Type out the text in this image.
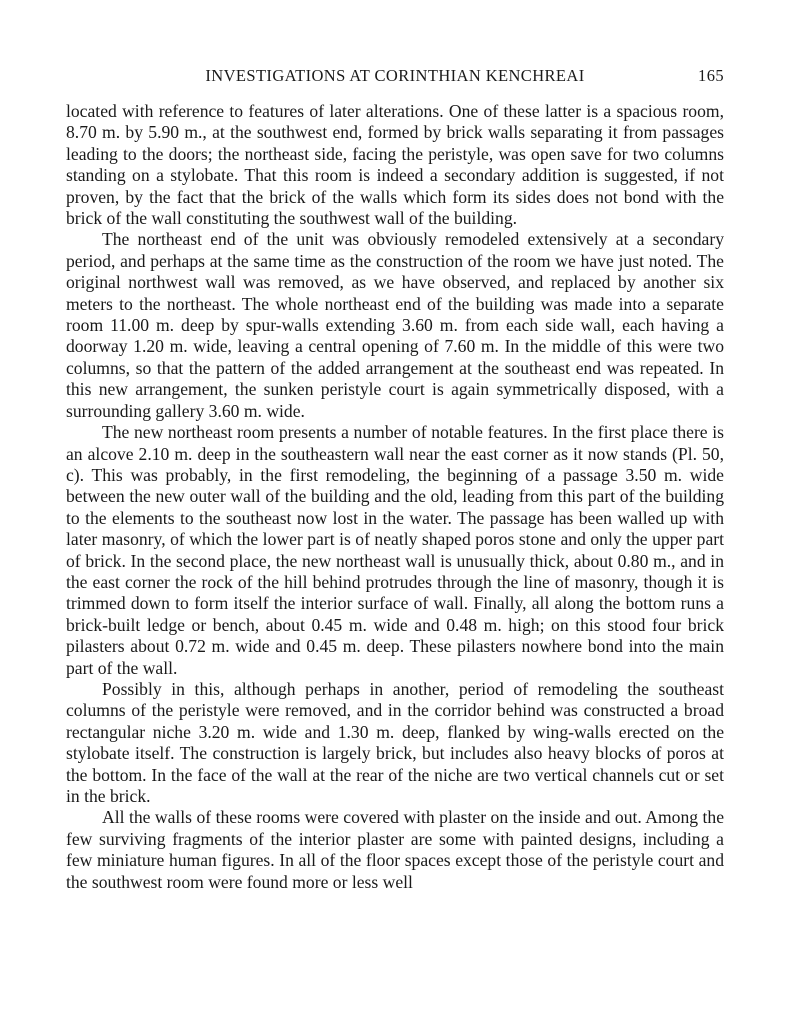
INVESTIGATIONS AT CORINTHIAN KENCHREAI	165

located with reference to features of later alterations. One of these latter is a spacious room, 8.70 m. by 5.90 m., at the southwest end, formed by brick walls separating it from passages leading to the doors; the northeast side, facing the peristyle, was open save for two columns standing on a stylobate. That this room is indeed a secondary addition is suggested, if not proven, by the fact that the brick of the walls which form its sides does not bond with the brick of the wall constituting the southwest wall of the building.

The northeast end of the unit was obviously remodeled extensively at a secondary period, and perhaps at the same time as the construction of the room we have just noted. The original northwest wall was removed, as we have observed, and replaced by another six meters to the northeast. The whole northeast end of the building was made into a separate room 11.00 m. deep by spur-walls extending 3.60 m. from each side wall, each having a doorway 1.20 m. wide, leaving a central opening of 7.60 m. In the middle of this were two columns, so that the pattern of the added arrangement at the southeast end was repeated. In this new arrangement, the sunken peristyle court is again symmetrically disposed, with a surrounding gallery 3.60 m. wide.

The new northeast room presents a number of notable features. In the first place there is an alcove 2.10 m. deep in the southeastern wall near the east corner as it now stands (Pl. 50, c). This was probably, in the first remodeling, the beginning of a passage 3.50 m. wide between the new outer wall of the building and the old, leading from this part of the building to the elements to the southeast now lost in the water. The passage has been walled up with later masonry, of which the lower part is of neatly shaped poros stone and only the upper part of brick. In the second place, the new northeast wall is unusually thick, about 0.80 m., and in the east corner the rock of the hill behind protrudes through the line of masonry, though it is trimmed down to form itself the interior surface of wall. Finally, all along the bottom runs a brick-built ledge or bench, about 0.45 m. wide and 0.48 m. high; on this stood four brick pilasters about 0.72 m. wide and 0.45 m. deep. These pilasters nowhere bond into the main part of the wall.

Possibly in this, although perhaps in another, period of remodeling the southeast columns of the peristyle were removed, and in the corridor behind was constructed a broad rectangular niche 3.20 m. wide and 1.30 m. deep, flanked by wing-walls erected on the stylobate itself. The construction is largely brick, but includes also heavy blocks of poros at the bottom. In the face of the wall at the rear of the niche are two vertical channels cut or set in the brick.

All the walls of these rooms were covered with plaster on the inside and out. Among the few surviving fragments of the interior plaster are some with painted designs, including a few miniature human figures. In all of the floor spaces except those of the peristyle court and the southwest room were found more or less well
